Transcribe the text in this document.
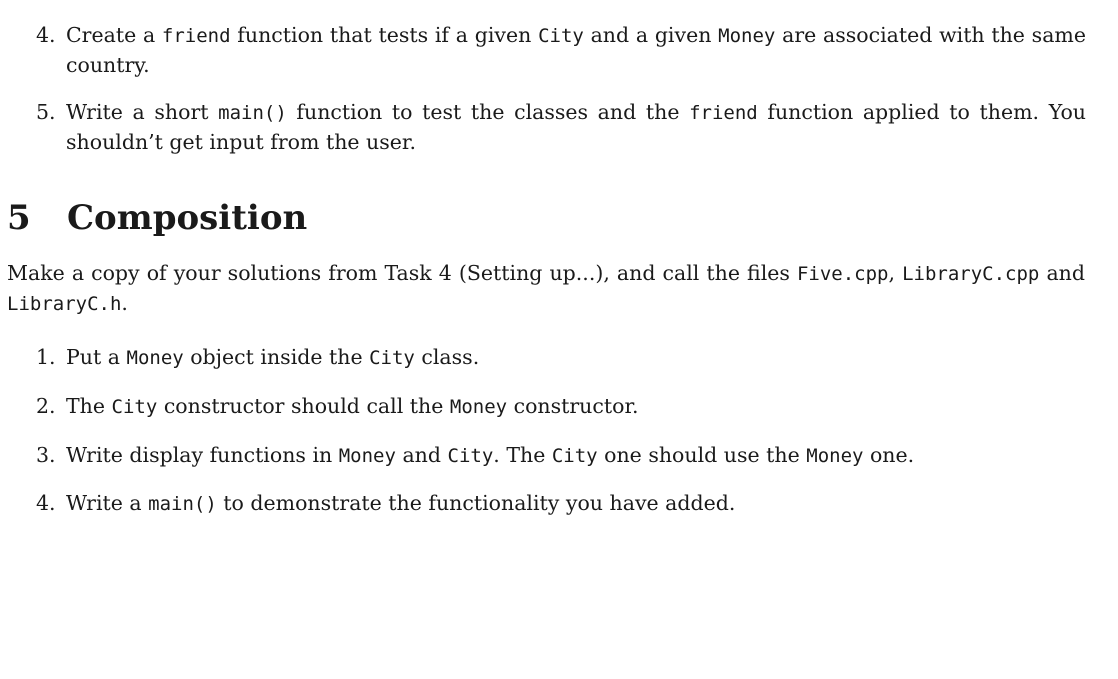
4. Create a friend function that tests if a given City and a given Money are associated with the same country.
5. Write a short main() function to test the classes and the friend function applied to them. You shouldn’t get input from the user.
5 Composition
Make a copy of your solutions from Task 4 (Setting up...), and call the files Five.cpp, LibraryC.cpp and LibraryC.h.
1. Put a Money object inside the City class.
2. The City constructor should call the Money constructor.
3. Write display functions in Money and City. The City one should use the Money one.
4. Write a main() to demonstrate the functionality you have added.
